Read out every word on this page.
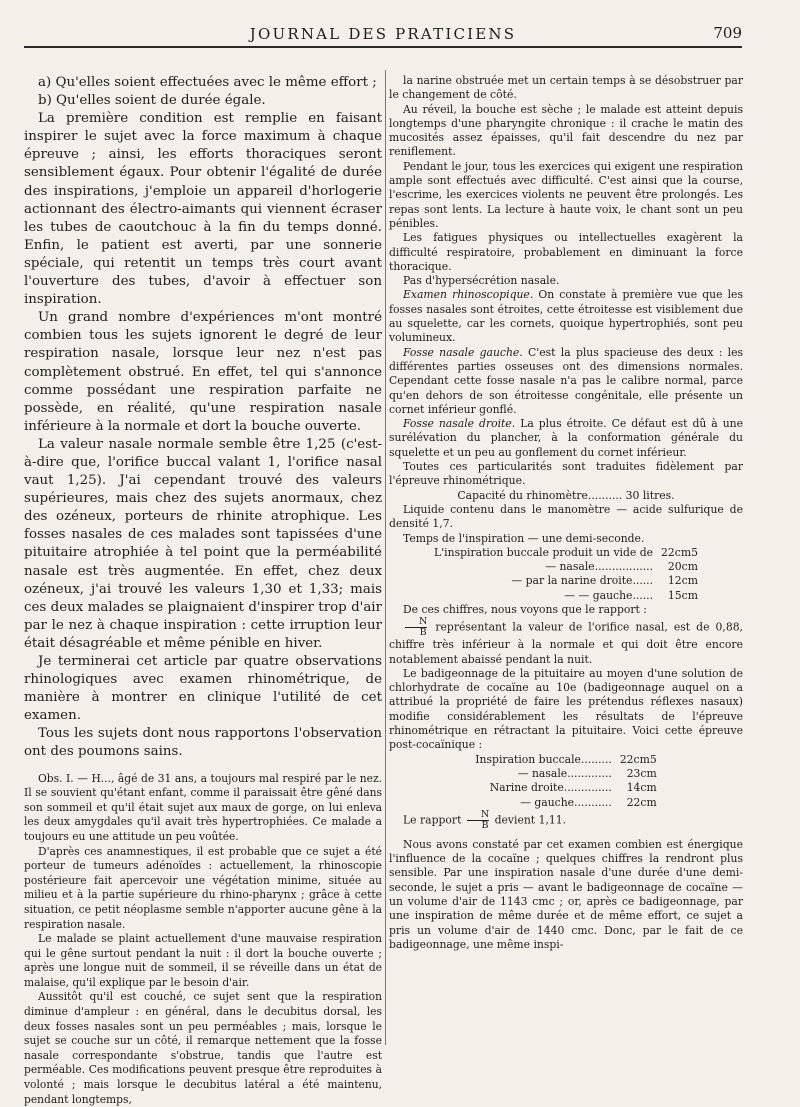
JOURNAL DES PRATICIENS	709

a) Qu'elles soient effectuées avec le même effort ;

b) Qu'elles soient de durée égale.

La première condition est remplie en faisant inspirer le sujet avec la force maximum à chaque épreuve ; ainsi, les efforts thoraciques seront sensiblement égaux. Pour obtenir l'égalité de durée des inspirations, j'emploie un appareil d'horlogerie actionnant des électro-aimants qui viennent écraser les tubes de caoutchouc à la fin du temps donné. Enfin, le patient est averti, par une sonnerie spéciale, qui retentit un temps très court avant l'ouverture des tubes, d'avoir à effectuer son inspiration.

Un grand nombre d'expériences m'ont montré combien tous les sujets ignorent le degré de leur respiration nasale, lorsque leur nez n'est pas complètement obstrué. En effet, tel qui s'annonce comme possédant une respiration parfaite ne possède, en réalité, qu'une respiration nasale inférieure à la normale et dort la bouche ouverte.

La valeur nasale normale semble être 1,25 (c'est-à-dire que, l'orifice buccal valant 1, l'orifice nasal vaut 1,25). J'ai cependant trouvé des valeurs supérieures, mais chez des sujets anormaux, chez des ozéneux, porteurs de rhinite atrophique. Les fosses nasales de ces malades sont tapissées d'une pituitaire atrophiée à tel point que la perméabilité nasale est très augmentée. En effet, chez deux ozéneux, j'ai trouvé les valeurs 1,30 et 1,33; mais ces deux malades se plaignaient d'inspirer trop d'air par le nez à chaque inspiration : cette irruption leur était désagréable et même pénible en hiver.

Je terminerai cet article par quatre observations rhinologiques avec examen rhinométrique, de manière à montrer en clinique l'utilité de cet examen.

Tous les sujets dont nous rapportons l'observation ont des poumons sains.

Obs. I. — H..., âgé de 31 ans, a toujours mal respiré par le nez. Il se souvient qu'étant enfant, comme il paraissait être gêné dans son sommeil et qu'il était sujet aux maux de gorge, on lui enleva les deux amygdales qu'il avait très hypertrophiées. Ce malade a toujours eu une attitude un peu voûtée.

D'après ces anamnestiques, il est probable que ce sujet a été porteur de tumeurs adénoïdes : actuellement, la rhinoscopie postérieure fait apercevoir une végétation minime, située au milieu et à la partie supérieure du rhino-pharynx ; grâce à cette situation, ce petit néoplasme semble n'apporter aucune gêne à la respiration nasale.

Le malade se plaint actuellement d'une mauvaise respiration qui le gêne surtout pendant la nuit : il dort la bouche ouverte ; après une longue nuit de sommeil, il se réveille dans un état de malaise, qu'il explique par le besoin d'air.

Aussitôt qu'il est couché, ce sujet sent que la respiration diminue d'ampleur : en général, dans le decubitus dorsal, les deux fosses nasales sont un peu perméables ; mais, lorsque le sujet se couche sur un côté, il remarque nettement que la fosse nasale correspondante s'obstrue, tandis que l'autre est perméable. Ces modifications peuvent presque être reproduites à volonté ; mais lorsque le decubitus latéral a été maintenu, pendant longtemps,

la narine obstruée met un certain temps à se désobstruer par le changement de côté.

Au réveil, la bouche est sèche ; le malade est atteint depuis longtemps d'une pharyngite chronique : il crache le matin des mucosités assez épaisses, qu'il fait descendre du nez par reniflement.

Pendant le jour, tous les exercices qui exigent une respiration ample sont effectués avec difficulté. C'est ainsi que la course, l'escrime, les exercices violents ne peuvent être prolongés. Les repas sont lents. La lecture à haute voix, le chant sont un peu pénibles.

Les fatigues physiques ou intellectuelles exagèrent la difficulté respiratoire, probablement en diminuant la force thoracique.

Pas d'hypersécrétion nasale.

Examen rhinoscopique. On constate à première vue que les fosses nasales sont étroites, cette étroitesse est visiblement due au squelette, car les cornets, quoique hypertrophiés, sont peu volumineux.

Fosse nasale gauche. C'est la plus spacieuse des deux : les différentes parties osseuses ont des dimensions normales. Cependant cette fosse nasale n'a pas le calibre normal, parce qu'en dehors de son étroitesse congénitale, elle présente un cornet inférieur gonflé.

Fosse nasale droite. La plus étroite. Ce défaut est dû à une surélévation du plancher, à la conformation générale du squelette et un peu au gonflement du cornet inférieur.

Toutes ces particularités sont traduites fidèlement par l'épreuve rhinométrique.

Capacité du rhinomètre.......... 30 litres.

Liquide contenu dans le manomètre — acide sulfurique de densité 1,7.

Temps de l'inspiration — une demi-seconde.

L'inspiration buccale produit un vide de	22cm5
— nasale.................	20cm
— par la narine droite......	12cm
— — gauche......	15cm

De ces chiffres, nous voyons que le rapport :

$\frac{N}{B}$ représentant la valeur de l'orifice nasal, est de 0,88, chiffre très inférieur à la normale et qui doit être encore notablement abaissé pendant la nuit.

Le badigeonnage de la pituitaire au moyen d'une solution de chlorhydrate de cocaïne au 10e (badigeonnage auquel on a attribué la propriété de faire les prétendus réflexes nasaux) modifie considérablement les résultats de l'épreuve rhinométrique en rétractant la pituitaire. Voici cette épreuve post-cocaïnique :

Inspiration buccale.........	22cm5
— nasale.............	23cm
Narine droite..............	14cm
— gauche...........	22cm

Le rapport $\frac{N}{B}$ devient 1,11.

Nous avons constaté par cet examen combien est énergique l'influence de la cocaïne ; quelques chiffres la rendront plus sensible. Par une inspiration nasale d'une durée d'une demi-seconde, le sujet a pris — avant le badigeonnage de cocaïne — un volume d'air de 1143 cmc ; or, après ce badigeonnage, par une inspiration de même durée et de même effort, ce sujet a pris un volume d'air de 1440 cmc. Donc, par le fait de ce badigeonnage, une même inspi-
